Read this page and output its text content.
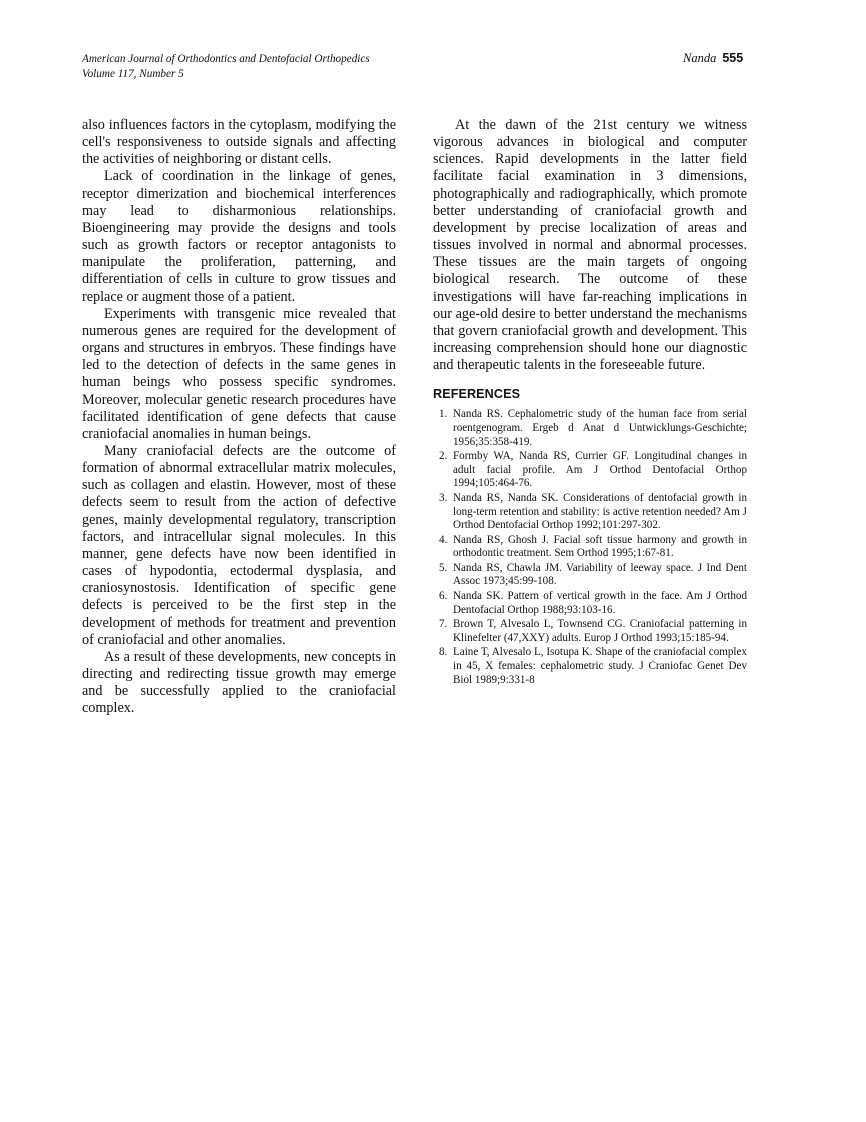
American Journal of Orthodontics and Dentofacial Orthopedics
Volume 117, Number 5
Nanda 555

also influences factors in the cytoplasm, modifying the cell's responsiveness to outside signals and affecting the activities of neighboring or distant cells.

Lack of coordination in the linkage of genes, receptor dimerization and biochemical interferences may lead to disharmonious relationships. Bioengineering may provide the designs and tools such as growth factors or receptor antagonists to manipulate the proliferation, patterning, and differentiation of cells in culture to grow tissues and replace or augment those of a patient.

Experiments with transgenic mice revealed that numerous genes are required for the development of organs and structures in embryos. These findings have led to the detection of defects in the same genes in human beings who possess specific syndromes. Moreover, molecular genetic research procedures have facilitated identification of gene defects that cause craniofacial anomalies in human beings.

Many craniofacial defects are the outcome of formation of abnormal extracellular matrix molecules, such as collagen and elastin. However, most of these defects seem to result from the action of defective genes, mainly developmental regulatory, transcription factors, and intracellular signal molecules. In this manner, gene defects have now been identified in cases of hypodontia, ectodermal dysplasia, and craniosynostosis. Identification of specific gene defects is perceived to be the first step in the development of methods for treatment and prevention of craniofacial and other anomalies.

As a result of these developments, new concepts in directing and redirecting tissue growth may emerge and be successfully applied to the craniofacial complex.

At the dawn of the 21st century we witness vigorous advances in biological and computer sciences. Rapid developments in the latter field facilitate facial examination in 3 dimensions, photographically and radiographically, which promote better understanding of craniofacial growth and development by precise localization of areas and tissues involved in normal and abnormal processes. These tissues are the main targets of ongoing biological research. The outcome of these investigations will have far-reaching implications in our age-old desire to better understand the mechanisms that govern craniofacial growth and development. This increasing comprehension should hone our diagnostic and therapeutic talents in the foreseeable future.

REFERENCES
1. Nanda RS. Cephalometric study of the human face from serial roentgenogram. Ergeb d Anat d Untwicklungs-Geschichte; 1956;35:358-419.
2. Formby WA, Nanda RS, Currier GF. Longitudinal changes in adult facial profile. Am J Orthod Dentofacial Orthop 1994;105:464-76.
3. Nanda RS, Nanda SK. Considerations of dentofacial growth in long-term retention and stability: is active retention needed? Am J Orthod Dentofacial Orthop 1992;101:297-302.
4. Nanda RS, Ghosh J. Facial soft tissue harmony and growth in orthodontic treatment. Sem Orthod 1995;1:67-81.
5. Nanda RS, Chawla JM. Variability of leeway space. J Ind Dent Assoc 1973;45:99-108.
6. Nanda SK. Pattern of vertical growth in the face. Am J Orthod Dentofacial Orthop 1988;93:103-16.
7. Brown T, Alvesalo L, Townsend CG. Craniofacial patterning in Klinefelter (47,XXY) adults. Europ J Orthod 1993;15:185-94.
8. Laine T, Alvesalo L, Isotupa K. Shape of the craniofacial complex in 45, X females: cephalometric study. J Craniofac Genet Dev Biol 1989;9:331-8
